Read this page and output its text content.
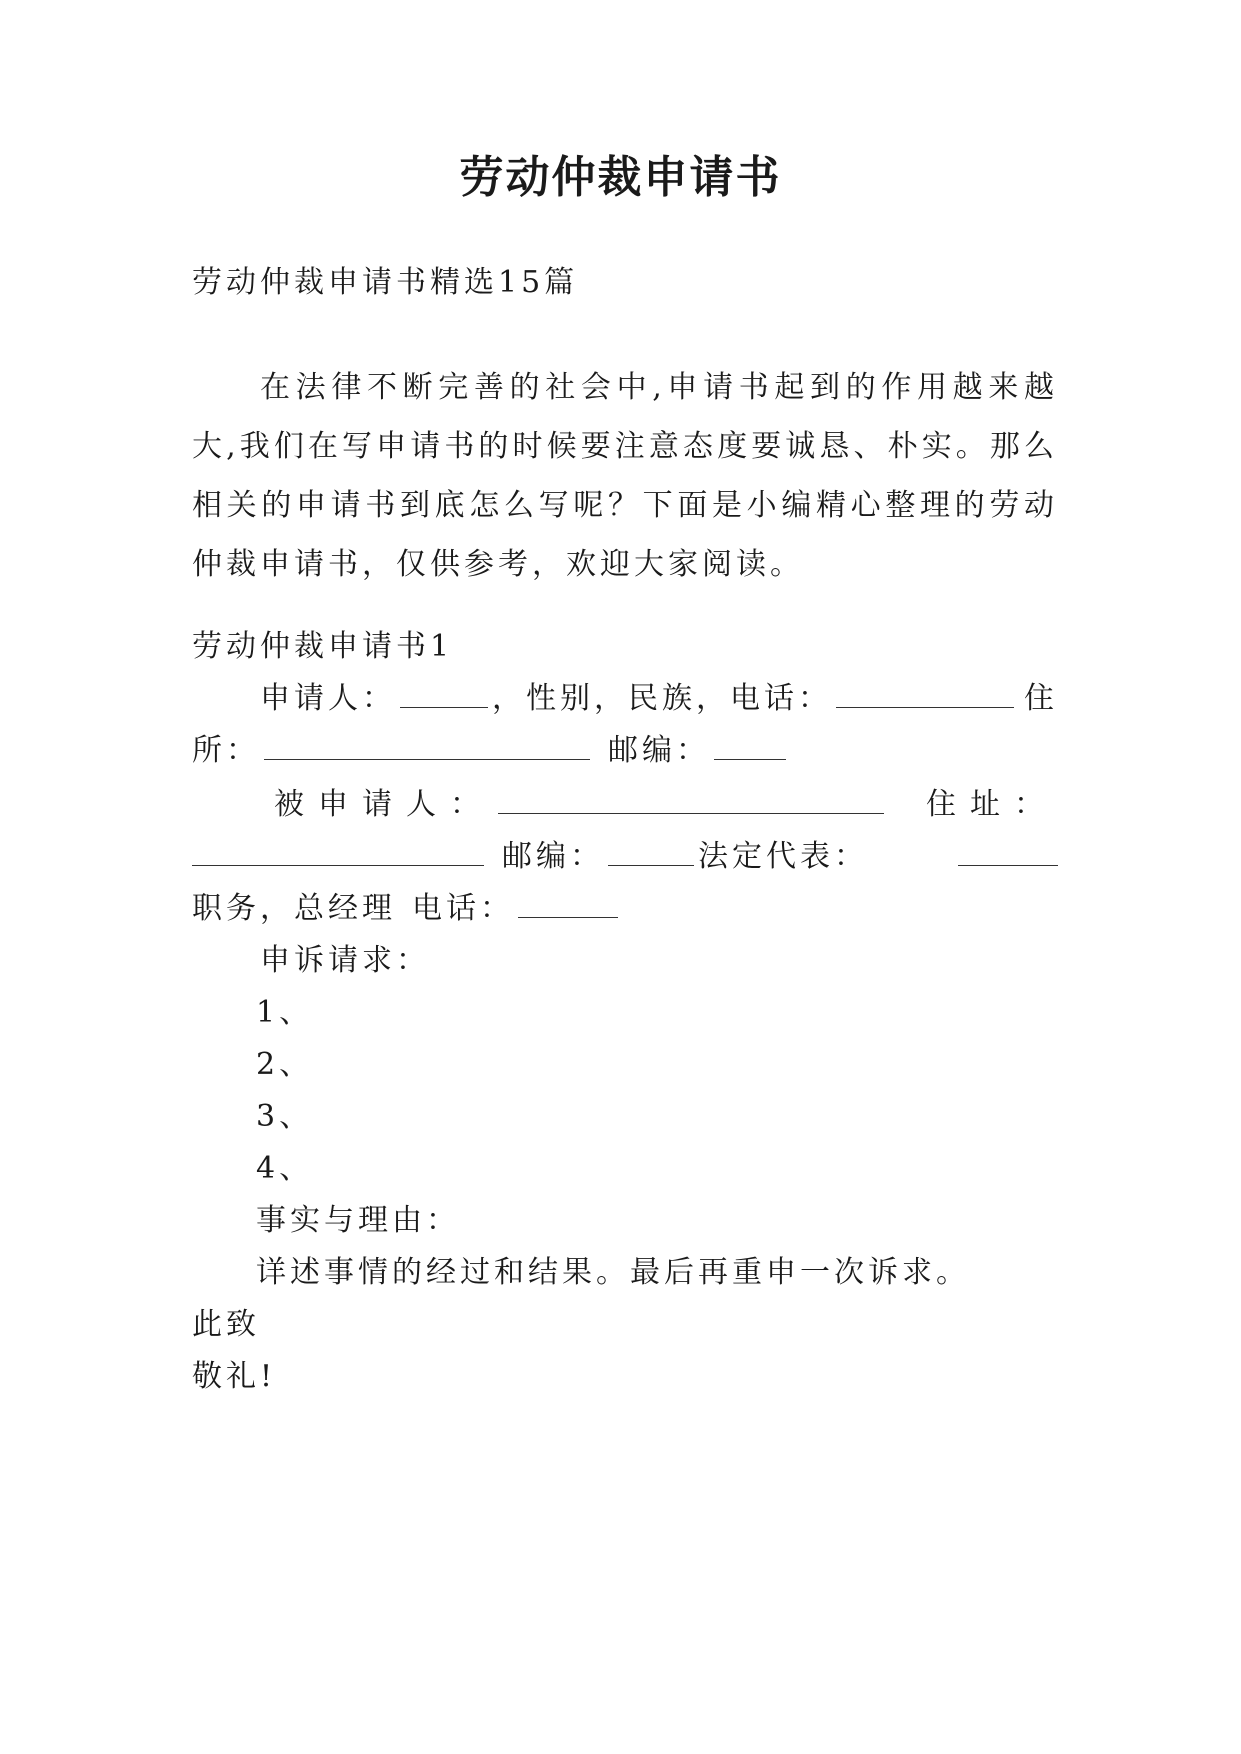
劳动仲裁申请书
劳动仲裁申请书精选15篇
在法律不断完善的社会中,申请书起到的作用越来越大,我们在写申请书的时候要注意态度要诚恳、朴实。那么相关的申请书到底怎么写呢？下面是小编精心整理的劳动仲裁申请书，仅供参考，欢迎大家阅读。
劳动仲裁申请书1
申请人：	，性别，民族，电话：	住
所：	邮编：
被申请人：	住址：
邮编：	法定代表：
职务，总经理 电话：
申诉请求：
1、
2、
3、
4、
事实与理由：
详述事情的经过和结果。最后再重申一次诉求。
此致
敬礼!
